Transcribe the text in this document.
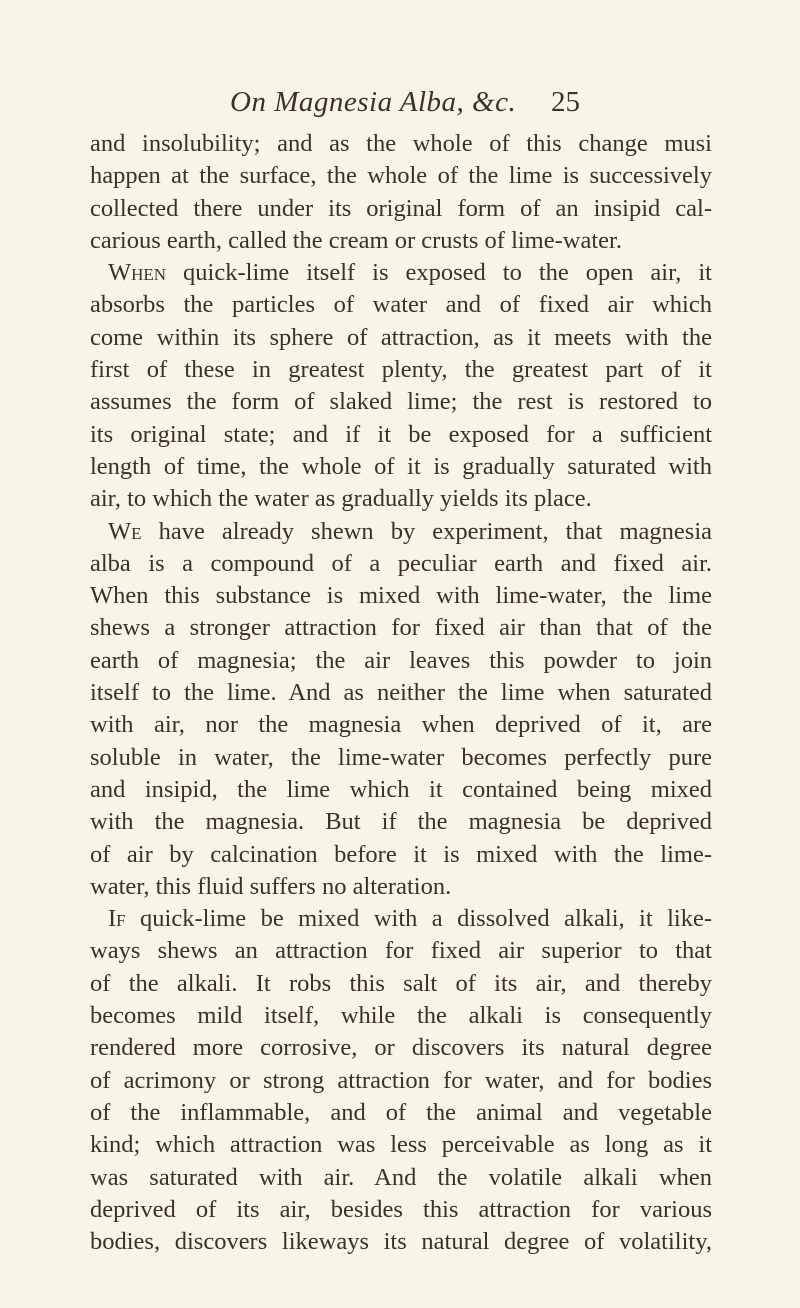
On Magnesia Alba, &c. 25
and insolubility; and as the whole of this change musi
happen at the surface, the whole of the lime is successively
collected there under its original form of an insipid cal-
carious earth, called the cream or crusts of lime-water.
When quick-lime itself is exposed to the open air, it
absorbs the particles of water and of fixed air which
come within its sphere of attraction, as it meets with the
first of these in greatest plenty, the greatest part of it
assumes the form of slaked lime; the rest is restored to
its original state; and if it be exposed for a sufficient
length of time, the whole of it is gradually saturated with
air, to which the water as gradually yields its place.
We have already shewn by experiment, that magnesia
alba is a compound of a peculiar earth and fixed air.
When this substance is mixed with lime-water, the lime
shews a stronger attraction for fixed air than that of the
earth of magnesia; the air leaves this powder to join
itself to the lime. And as neither the lime when saturated
with air, nor the magnesia when deprived of it, are
soluble in water, the lime-water becomes perfectly pure
and insipid, the lime which it contained being mixed
with the magnesia. But if the magnesia be deprived
of air by calcination before it is mixed with the lime-
water, this fluid suffers no alteration.
If quick-lime be mixed with a dissolved alkali, it like-
ways shews an attraction for fixed air superior to that
of the alkali. It robs this salt of its air, and thereby
becomes mild itself, while the alkali is consequently
rendered more corrosive, or discovers its natural degree
of acrimony or strong attraction for water, and for bodies
of the inflammable, and of the animal and vegetable
kind; which attraction was less perceivable as long as it
was saturated with air. And the volatile alkali when
deprived of its air, besides this attraction for various
bodies, discovers likeways its natural degree of volatility,
